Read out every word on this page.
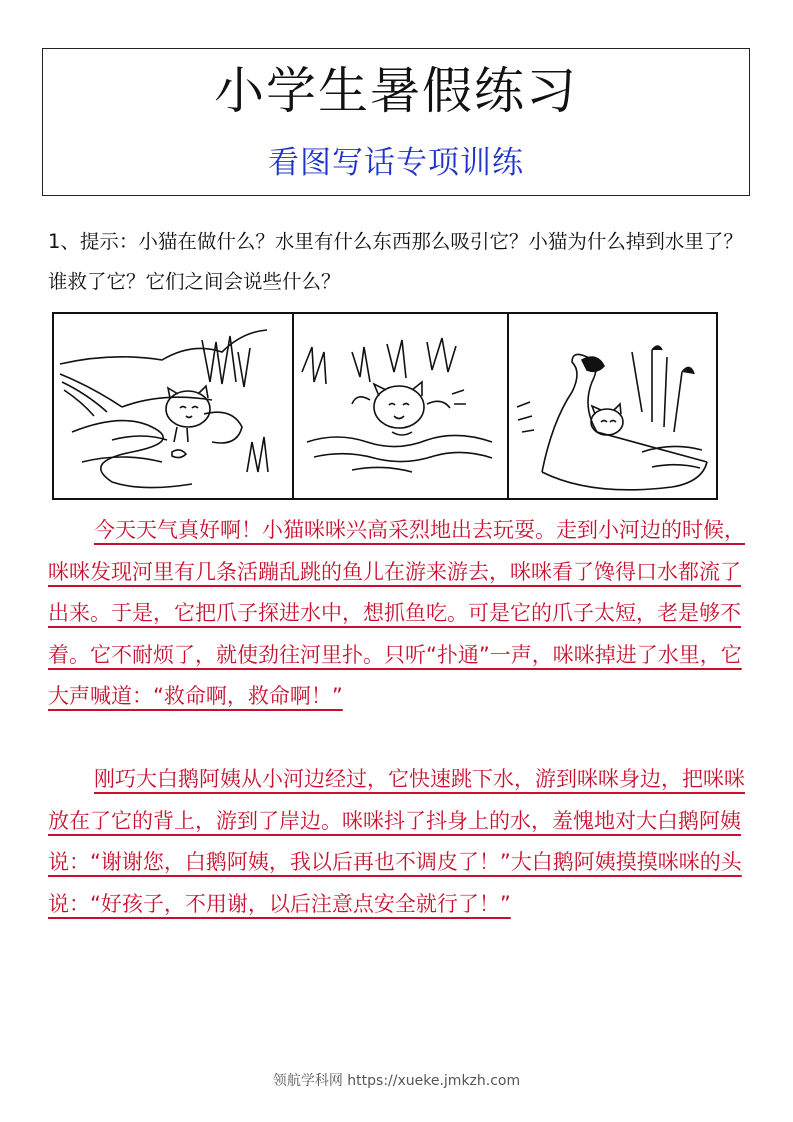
小学生暑假练习
看图写话专项训练
1、提示：小猫在做什么？水里有什么东西那么吸引它？小猫为什么掉到水里了？谁救了它？它们之间会说些什么？

今天天气真好啊！小猫咪咪兴高采烈地出去玩耍。走到小河边的时候，咪咪发现河里有几条活蹦乱跳的鱼儿在游来游去，咪咪看了馋得口水都流了出来。于是，它把爪子探进水中，想抓鱼吃。可是它的爪子太短，老是够不着。它不耐烦了，就使劲往河里扑。只听“扑通”一声，咪咪掉进了水里，它大声喊道：“救命啊，救命啊！”

刚巧大白鹅阿姨从小河边经过，它快速跳下水，游到咪咪身边，把咪咪放在了它的背上，游到了岸边。咪咪抖了抖身上的水，羞愧地对大白鹅阿姨说：“谢谢您，白鹅阿姨，我以后再也不调皮了！”大白鹅阿姨摸摸咪咪的头说：“好孩子，不用谢，以后注意点安全就行了！”

领航学科网 https://xueke.jmkzh.com
